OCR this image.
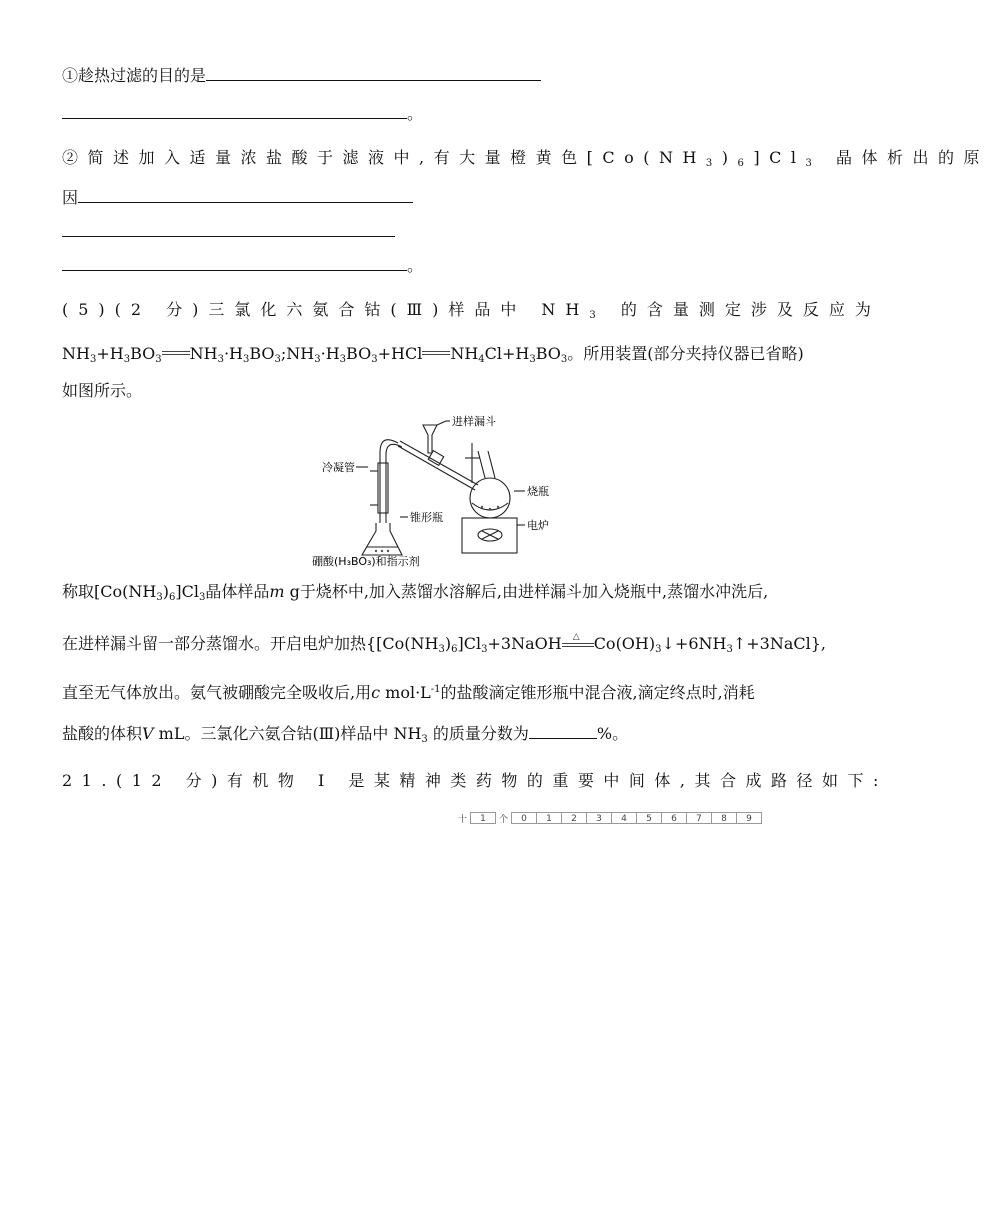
①趁热过滤的目的是
。
②简述加入适量浓盐酸于滤液中,有大量橙黄色$[Co(NH_3)_6]Cl_3$ 晶体析出的原
因
。
(5)(2 分)三氯化六氨合钴(Ⅲ)样品中 $NH_3$ 的含量测定涉及反应为
$NH_3+H_3BO_3$ $NH_3\cdot H_3BO_3;NH_3\cdot H_3BO_3+HCl$ $NH_4Cl+H_3BO_3$。所用装置(部分夹持仪器已省略)
如图所示。
进样漏斗
冷凝管
烧瓶
锥形瓶
电炉
硼酸(H₃BO₃)和指示剂
称取$[Co(NH_3)_6]Cl_3$晶体样品m g于烧杯中,加入蒸馏水溶解后,由进样漏斗加入烧瓶中,蒸馏水冲洗后,
在进样漏斗留一部分蒸馏水。开启电炉加热{$[Co(NH_3)_6]Cl_3+3NaOH$ △ $Co(OH)_3↓+6NH_3↑+3NaCl$},
直至无气体放出。氨气被硼酸完全吸收后,用c $mol\cdot L^{-1}$的盐酸滴定锥形瓶中混合液,滴定终点时,消耗
盐酸的体积V mL。三氯化六氨合钴(Ⅲ)样品中 $NH_3$ 的质量分数为	%。
21.(12 分)有机物 I 是某精神类药物的重要中间体,其合成路径如下:
十	1	个	0	1	2	3	4	5	6	7	8	9
